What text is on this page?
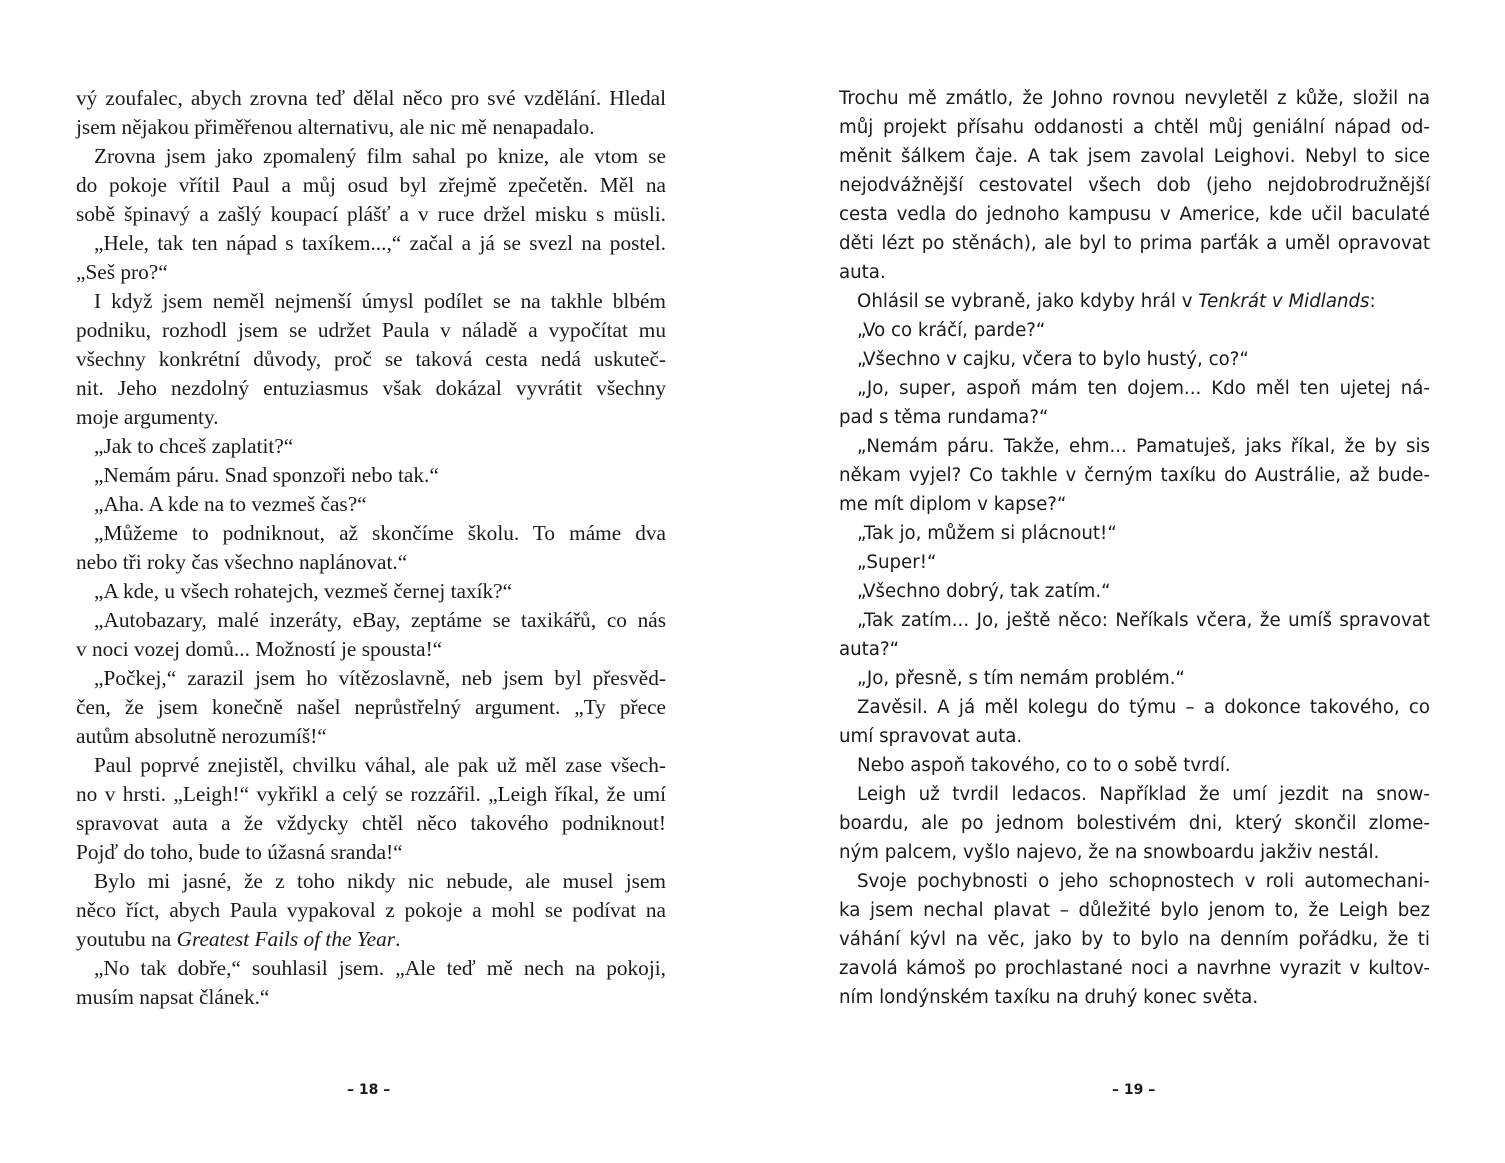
vý zoufalec, abych zrovna teď dělal něco pro své vzdělání. Hledal
jsem nějakou přiměřenou alternativu, ale nic mě nenapadalo.
Zrovna jsem jako zpomalený film sahal po knize, ale vtom se
do pokoje vřítil Paul a můj osud byl zřejmě zpečetěn. Měl na
sobě špinavý a zašlý koupací plášť a v ruce držel misku s müsli.
„Hele, tak ten nápad s taxíkem...,“ začal a já se svezl na postel.
„Seš pro?“
I když jsem neměl nejmenší úmysl podílet se na takhle blbém
podniku, rozhodl jsem se udržet Paula v náladě a vypočítat mu
všechny konkrétní důvody, proč se taková cesta nedá uskuteč-
nit. Jeho nezdolný entuziasmus však dokázal vyvrátit všechny
moje argumenty.
„Jak to chceš zaplatit?“
„Nemám páru. Snad sponzoři nebo tak.“
„Aha. A kde na to vezmeš čas?“
„Můžeme to podniknout, až skončíme školu. To máme dva
nebo tři roky čas všechno naplánovat.“
„A kde, u všech rohatejch, vezmeš černej taxík?“
„Autobazary, malé inzeráty, eBay, zeptáme se taxikářů, co nás
v noci vozej domů... Možností je spousta!“
„Počkej,“ zarazil jsem ho vítězoslavně, neb jsem byl přesvěd-
čen, že jsem konečně našel neprůstřelný argument. „Ty přece
autům absolutně nerozumíš!“
Paul poprvé znejistěl, chvilku váhal, ale pak už měl zase všech-
no v hrsti. „Leigh!“ vykřikl a celý se rozzářil. „Leigh říkal, že umí
spravovat auta a že vždycky chtěl něco takového podniknout!
Pojď do toho, bude to úžasná sranda!“
Bylo mi jasné, že z toho nikdy nic nebude, ale musel jsem
něco říct, abych Paula vypakoval z pokoje a mohl se podívat na
youtubu na Greatest Fails of the Year.
„No tak dobře,“ souhlasil jsem. „Ale teď mě nech na pokoji,
musím napsat článek.“
Trochu mě zmátlo, že Johno rovnou nevyletěl z kůže, složil na
můj projekt přísahu oddanosti a chtěl můj geniální nápad od-
měnit šálkem čaje. A tak jsem zavolal Leighovi. Nebyl to sice
nejodvážnější cestovatel všech dob (jeho nejdobrodružnější
cesta vedla do jednoho kampusu v Americe, kde učil baculaté
děti lézt po stěnách), ale byl to prima parťák a uměl opravovat
auta.
Ohlásil se vybraně, jako kdyby hrál v Tenkrát v Midlands:
„Vo co kráčí, parde?“
„Všechno v cajku, včera to bylo hustý, co?“
„Jo, super, aspoň mám ten dojem... Kdo měl ten ujetej ná-
pad s těma rundama?“
„Nemám páru. Takže, ehm... Pamatuješ, jaks říkal, že by sis
někam vyjel? Co takhle v černým taxíku do Austrálie, až bude-
me mít diplom v kapse?“
„Tak jo, můžem si plácnout!“
„Super!“
„Všechno dobrý, tak zatím.“
„Tak zatím... Jo, ještě něco: Neříkals včera, že umíš spravovat
auta?“
„Jo, přesně, s tím nemám problém.“
Zavěsil. A já měl kolegu do týmu – a dokonce takového, co
umí spravovat auta.
Nebo aspoň takového, co to o sobě tvrdí.
Leigh už tvrdil ledacos. Například že umí jezdit na snow-
boardu, ale po jednom bolestivém dni, který skončil zlome-
ným palcem, vyšlo najevo, že na snowboardu jakživ nestál.
Svoje pochybnosti o jeho schopnostech v roli automechani-
ka jsem nechal plavat – důležité bylo jenom to, že Leigh bez
váhání kývl na věc, jako by to bylo na denním pořádku, že ti
zavolá kámoš po prochlastané noci a navrhne vyrazit v kultov-
ním londýnském taxíku na druhý konec světa.
– 18 –	– 19 –
